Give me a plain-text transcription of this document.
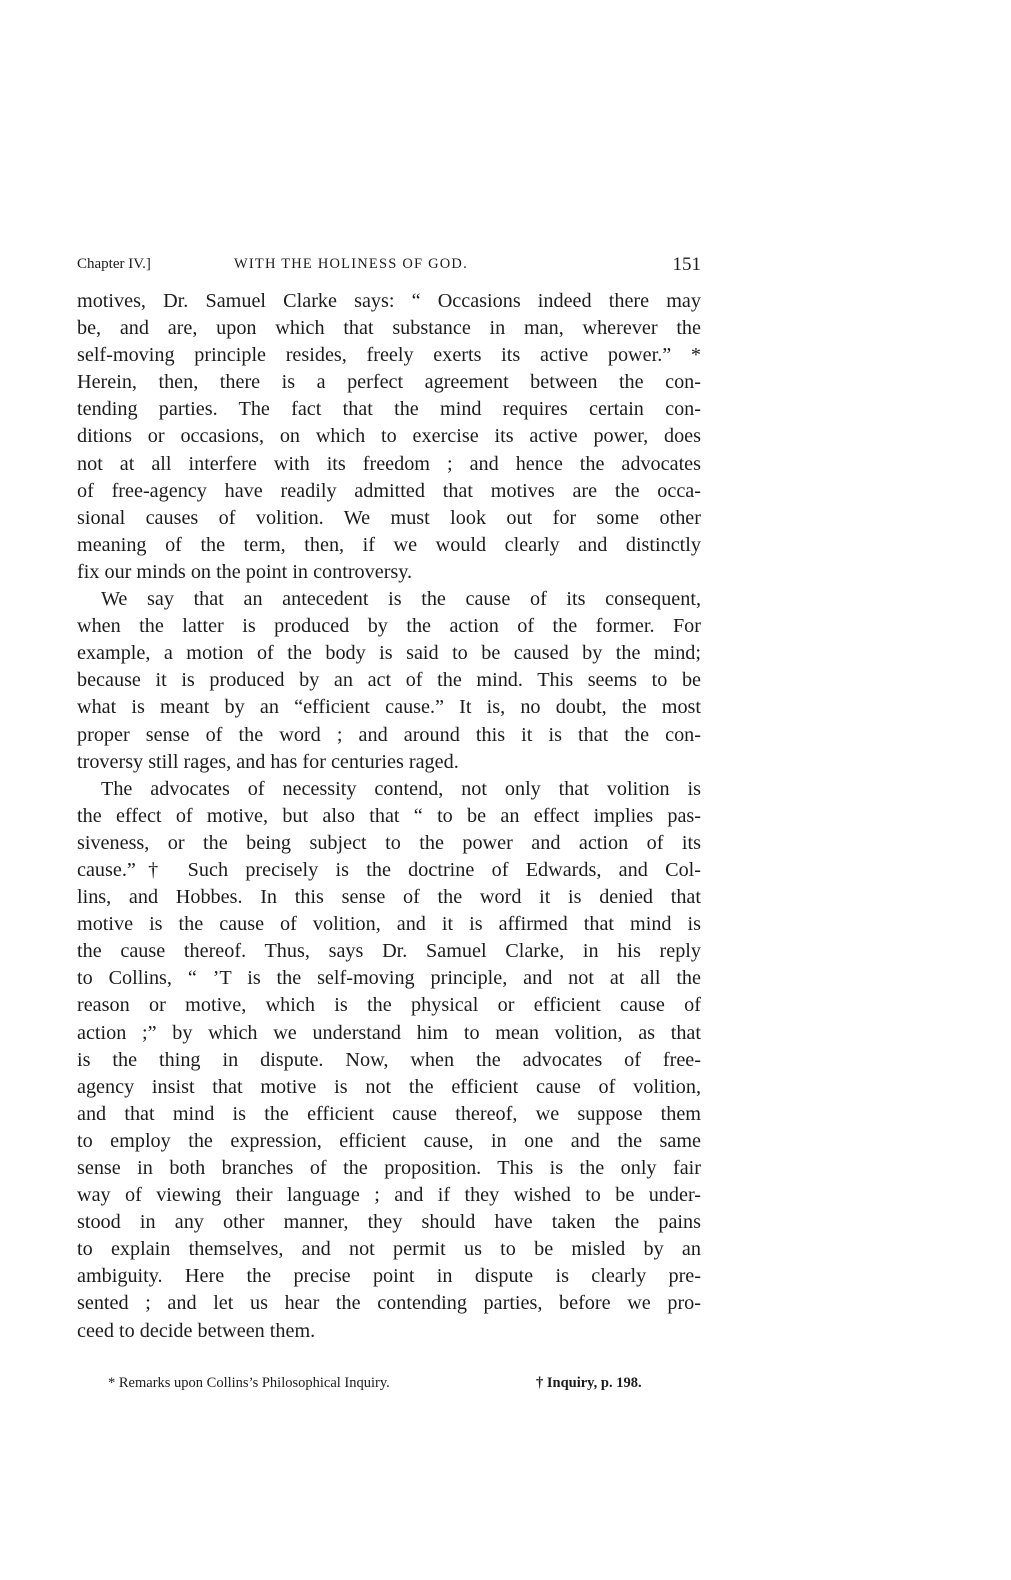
Chapter IV.]	WITH THE HOLINESS OF GOD.	151
motives, Dr. Samuel Clarke says: “ Occasions indeed there may
be, and are, upon which that substance in man, wherever the
self-moving principle resides, freely exerts its active power.” *
Herein, then, there is a perfect agreement between the con-
tending parties. The fact that the mind requires certain con-
ditions or occasions, on which to exercise its active power, does
not at all interfere with its freedom ; and hence the advocates
of free-agency have readily admitted that motives are the occa-
sional causes of volition. We must look out for some other
meaning of the term, then, if we would clearly and distinctly
fix our minds on the point in controversy.
We say that an antecedent is the cause of its consequent,
when the latter is produced by the action of the former. For
example, a motion of the body is said to be caused by the mind;
because it is produced by an act of the mind. This seems to be
what is meant by an “efficient cause.” It is, no doubt, the most
proper sense of the word ; and around this it is that the con-
troversy still rages, and has for centuries raged.
The advocates of necessity contend, not only that volition is
the effect of motive, but also that “ to be an effect implies pas-
siveness, or the being subject to the power and action of its
cause.”† Such precisely is the doctrine of Edwards, and Col-
lins, and Hobbes. In this sense of the word it is denied that
motive is the cause of volition, and it is affirmed that mind is
the cause thereof. Thus, says Dr. Samuel Clarke, in his reply
to Collins, “ ’T is the self-moving principle, and not at all the
reason or motive, which is the physical or efficient cause of
action ;” by which we understand him to mean volition, as that
is the thing in dispute. Now, when the advocates of free-
agency insist that motive is not the efficient cause of volition,
and that mind is the efficient cause thereof, we suppose them
to employ the expression, efficient cause, in one and the same
sense in both branches of the proposition. This is the only fair
way of viewing their language ; and if they wished to be under-
stood in any other manner, they should have taken the pains
to explain themselves, and not permit us to be misled by an
ambiguity. Here the precise point in dispute is clearly pre-
sented ; and let us hear the contending parties, before we pro-
ceed to decide between them.
* Remarks upon Collins’s Philosophical Inquiry.	† Inquiry, p. 198.
